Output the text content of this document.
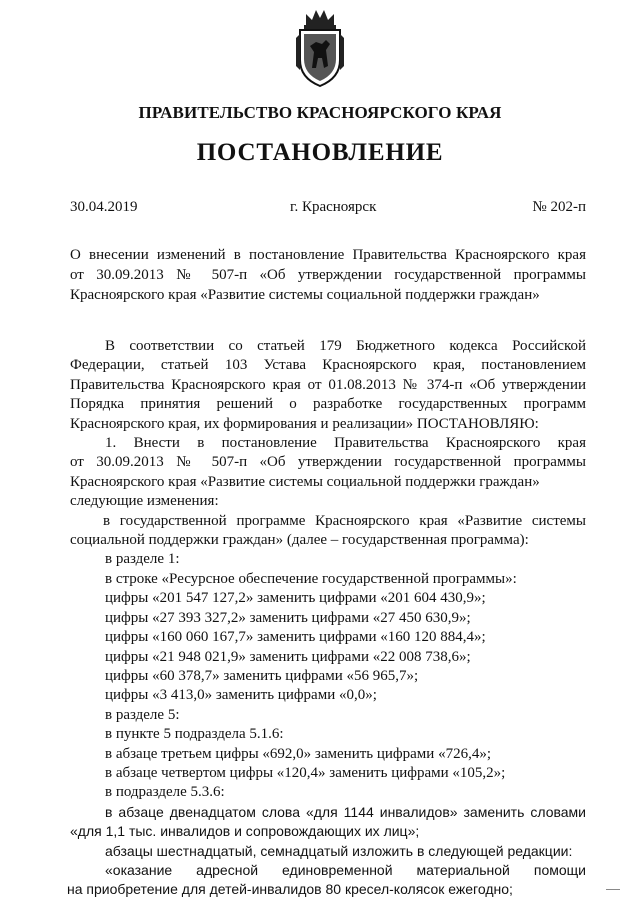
ПРАВИТЕЛЬСТВО КРАСНОЯРСКОГО КРАЯ
ПОСТАНОВЛЕНИЕ
30.04.2019	г. Красноярск	№ 202-п
О внесении изменений в постановление Правительства Красноярского края
от 30.09.2013 № 507-п «Об утверждении государственной программы
Красноярского края «Развитие системы социальной поддержки граждан»
В соответствии со статьей 179 Бюджетного кодекса Российской
Федерации, статьей 103 Устава Красноярского края, постановлением
Правительства Красноярского края от 01.08.2013 № 374-п «Об утверждении
Порядка принятия решений о разработке государственных программ
Красноярского края, их формирования и реализации» ПОСТАНОВЛЯЮ:
1. Внести в постановление Правительства Красноярского края
от 30.09.2013 № 507-п «Об утверждении государственной программы
Красноярского края «Развитие системы социальной поддержки граждан»
следующие изменения:
в государственной программе Красноярского края «Развитие системы
социальной поддержки граждан» (далее – государственная программа):
в разделе 1:
в строке «Ресурсное обеспечение государственной программы»:
цифры «201 547 127,2» заменить цифрами «201 604 430,9»;
цифры «27 393 327,2» заменить цифрами «27 450 630,9»;
цифры «160 060 167,7» заменить цифрами «160 120 884,4»;
цифры «21 948 021,9» заменить цифрами «22 008 738,6»;
цифры «60 378,7» заменить цифрами «56 965,7»;
цифры «3 413,0» заменить цифрами «0,0»;
в разделе 5:
в пункте 5 подраздела 5.1.6:
в абзаце третьем цифры «692,0» заменить цифрами «726,4»;
в абзаце четвертом цифры «120,4» заменить цифрами «105,2»;
в подразделе 5.3.6:
в абзаце двенадцатом слова «для 1144 инвалидов» заменить словами
«для 1,1 тыс. инвалидов и сопровождающих их лиц»;
абзацы шестнадцатый, семнадцатый изложить в следующей редакции:
«оказание адресной единовременной материальной помощи
на приобретение для детей-инвалидов 80 кресел-колясок ежегодно;
